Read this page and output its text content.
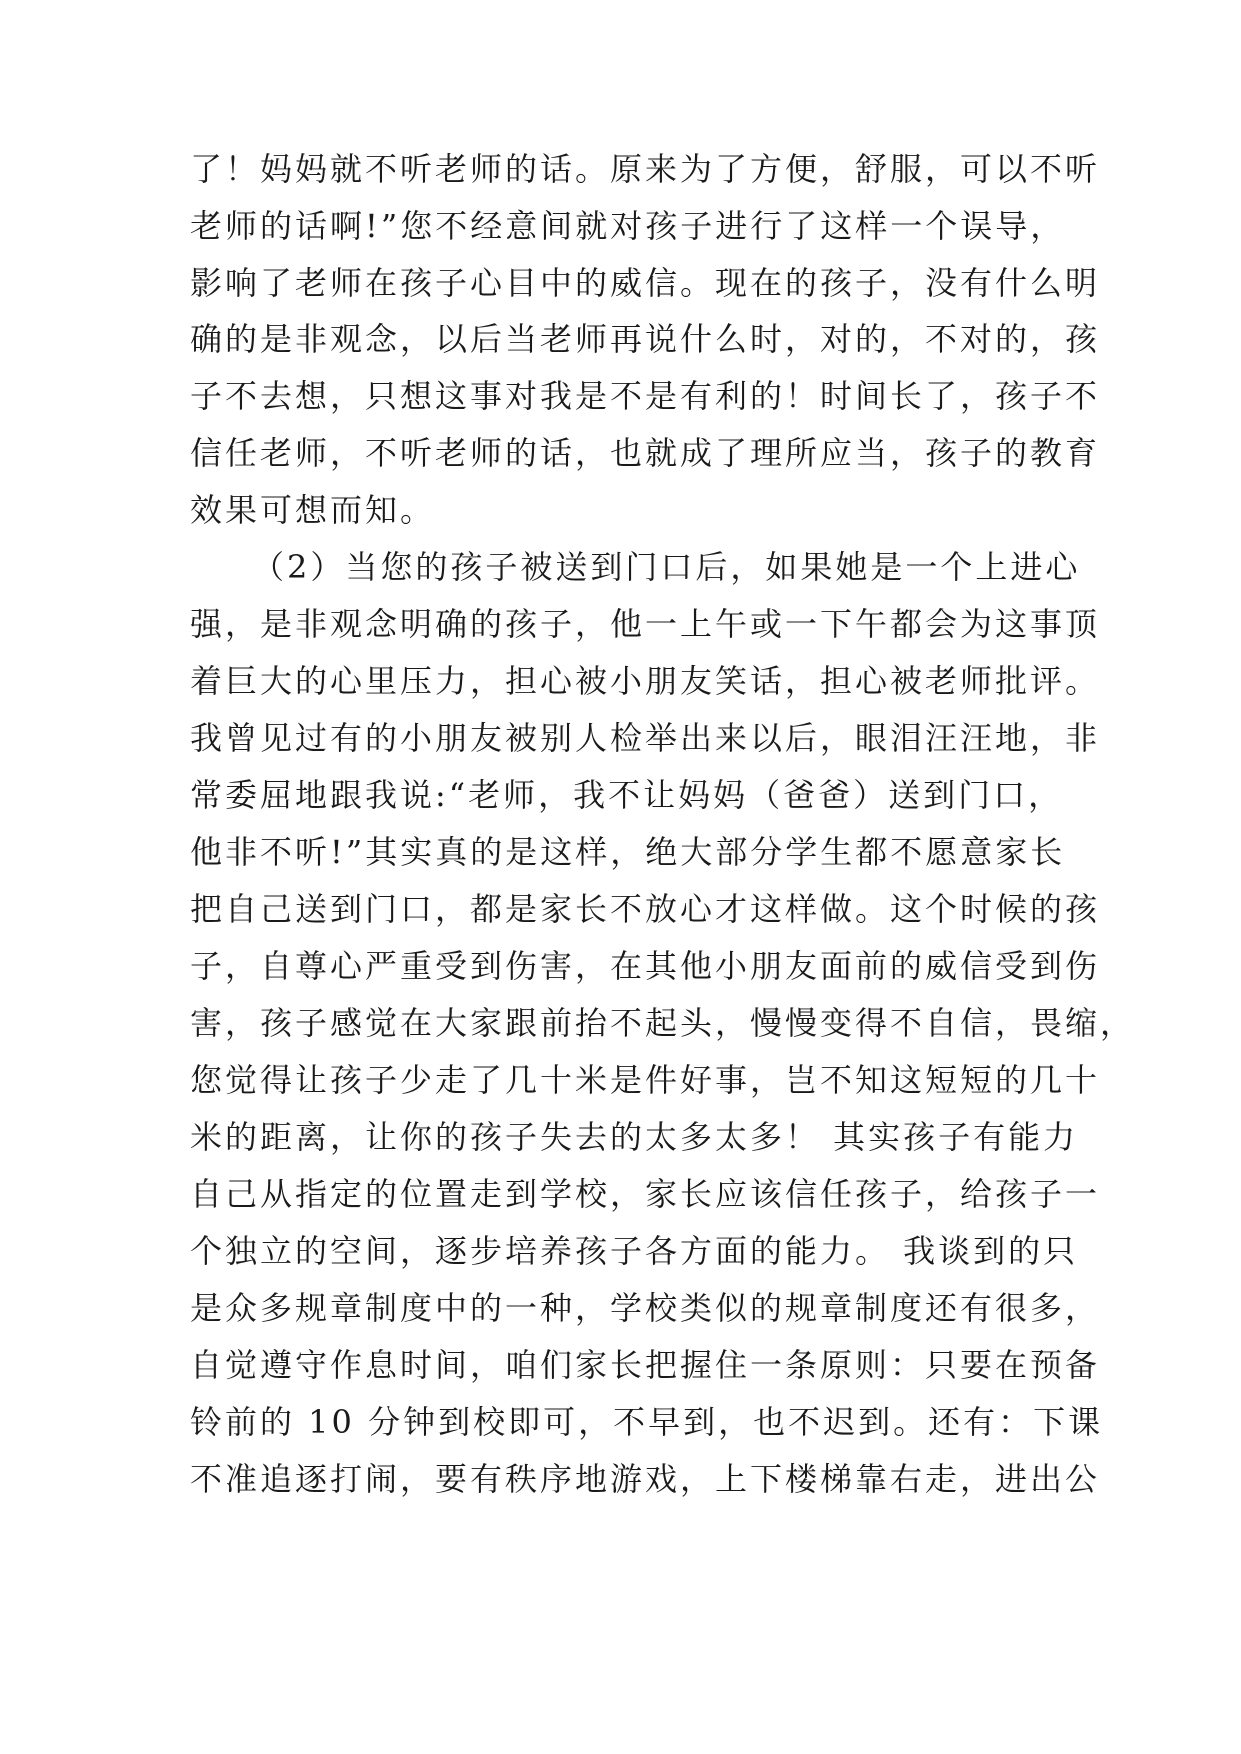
了！妈妈就不听老师的话。原来为了方便，舒服，可以不听
老师的话啊!”您不经意间就对孩子进行了这样一个误导，
影响了老师在孩子心目中的威信。现在的孩子，没有什么明
确的是非观念，以后当老师再说什么时，对的，不对的，孩
子不去想，只想这事对我是不是有利的！时间长了，孩子不
信任老师，不听老师的话，也就成了理所应当，孩子的教育
效果可想而知。
（2）当您的孩子被送到门口后，如果她是一个上进心
强，是非观念明确的孩子，他一上午或一下午都会为这事顶
着巨大的心里压力，担心被小朋友笑话，担心被老师批评。
我曾见过有的小朋友被别人检举出来以后，眼泪汪汪地，非
常委屈地跟我说:“老师，我不让妈妈（爸爸）送到门口，
他非不听!”其实真的是这样，绝大部分学生都不愿意家长
把自己送到门口，都是家长不放心才这样做。这个时候的孩
子，自尊心严重受到伤害，在其他小朋友面前的威信受到伤
害，孩子感觉在大家跟前抬不起头，慢慢变得不自信，畏缩，
您觉得让孩子少走了几十米是件好事，岂不知这短短的几十
米的距离，让你的孩子失去的太多太多！ 其实孩子有能力
自己从指定的位置走到学校，家长应该信任孩子，给孩子一
个独立的空间，逐步培养孩子各方面的能力。 我谈到的只
是众多规章制度中的一种，学校类似的规章制度还有很多，
自觉遵守作息时间，咱们家长把握住一条原则：只要在预备
铃前的 10 分钟到校即可，不早到，也不迟到。还有：下课
不准追逐打闹，要有秩序地游戏，上下楼梯靠右走，进出公
